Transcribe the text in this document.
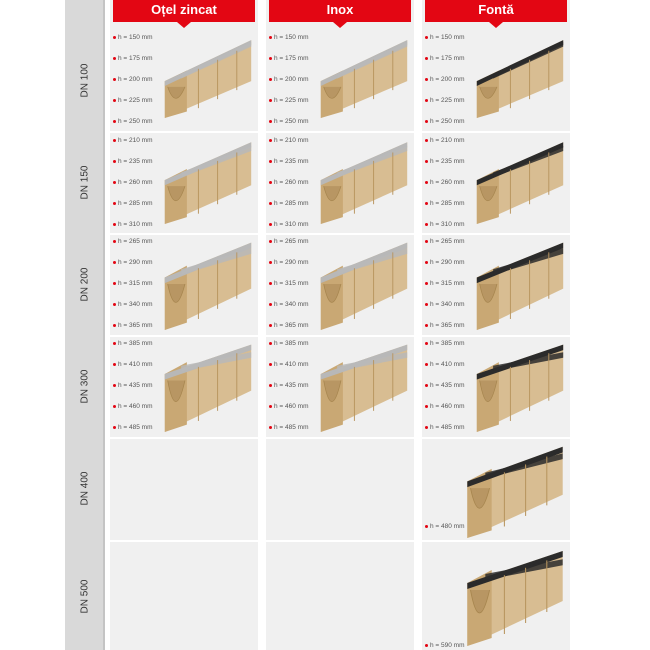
Oțel zincat	Inox	Fontă
DN 100
DN 150
DN 200
DN 300
DN 400
DN 500
h = 150 mm
h = 175 mm
h = 200 mm
h = 225 mm
h = 250 mm
h = 150 mm
h = 175 mm
h = 200 mm
h = 225 mm
h = 250 mm
h = 150 mm
h = 175 mm
h = 200 mm
h = 225 mm
h = 250 mm
h = 210 mm
h = 235 mm
h = 260 mm
h = 285 mm
h = 310 mm
h = 210 mm
h = 235 mm
h = 260 mm
h = 285 mm
h = 310 mm
h = 210 mm
h = 235 mm
h = 260 mm
h = 285 mm
h = 310 mm
h = 265 mm
h = 290 mm
h = 315 mm
h = 340 mm
h = 365 mm
h = 265 mm
h = 290 mm
h = 315 mm
h = 340 mm
h = 365 mm
h = 265 mm
h = 290 mm
h = 315 mm
h = 340 mm
h = 365 mm
h = 385 mm
h = 410 mm
h = 435 mm
h = 460 mm
h = 485 mm
h = 385 mm
h = 410 mm
h = 435 mm
h = 460 mm
h = 485 mm
h = 385 mm
h = 410 mm
h = 435 mm
h = 460 mm
h = 485 mm
h = 480 mm
h = 590 mm
